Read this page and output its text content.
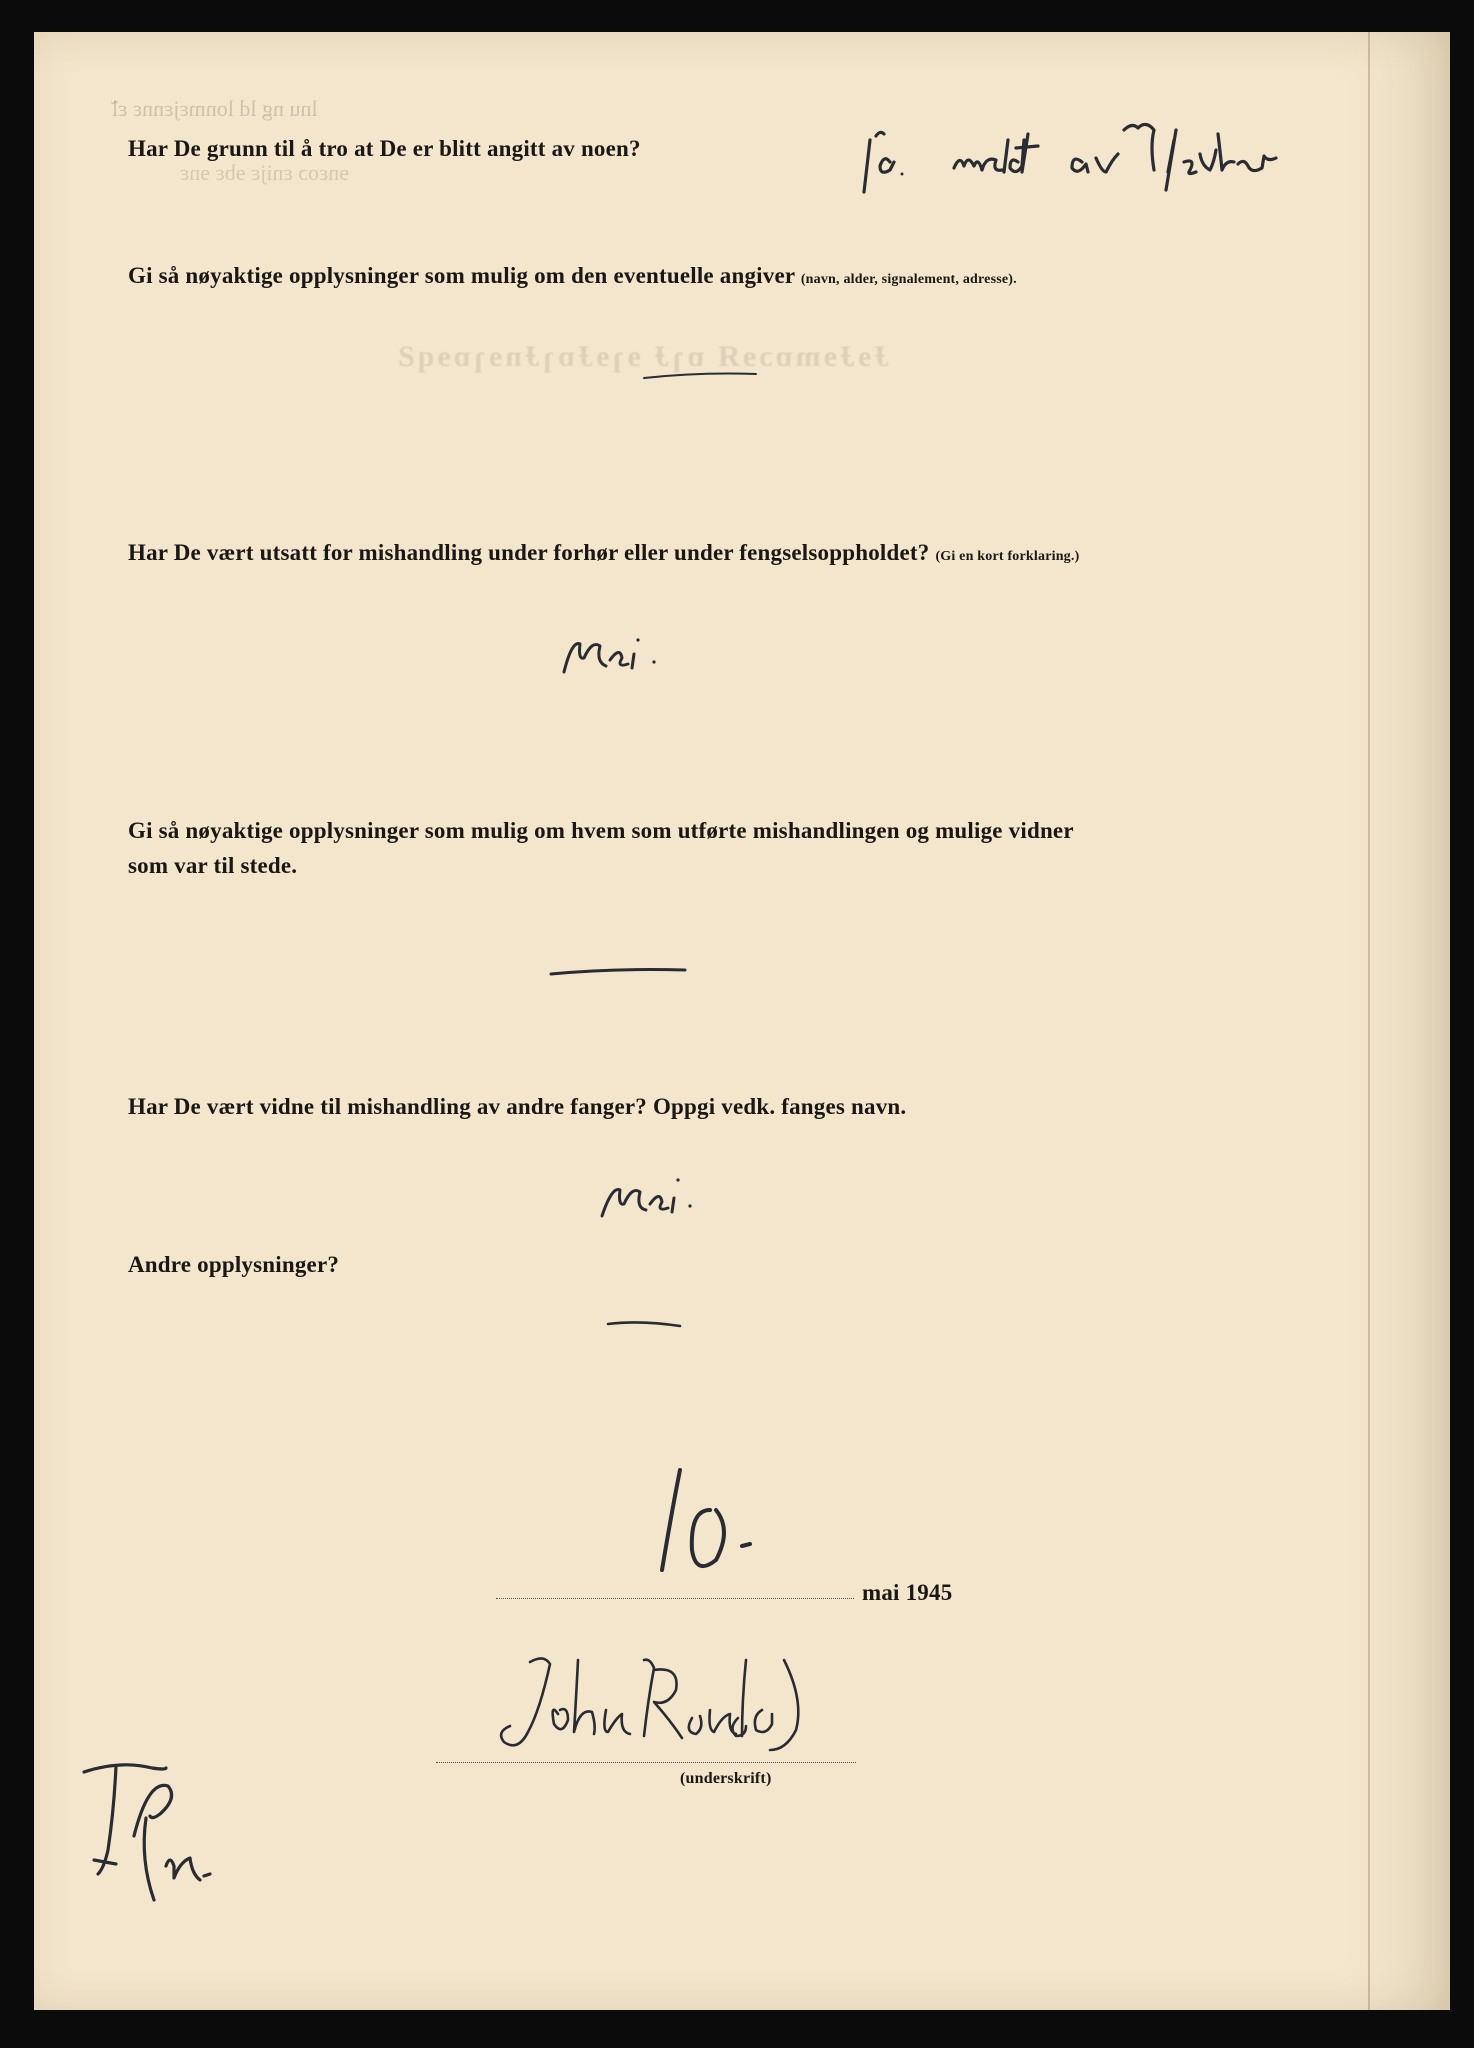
lnu ng ld lonmɛjɛnnɛ ɛ̃l
ɘnɛoɔ ɛnijɛ ɘbɛ ɘnɛ
ɈɘɈɘmɒɔɘЯ ɒɿɈ ɘɿɘɈɒɿɈnɘɿɒɘqƧ
Har De grunn til å tro at De er blitt angitt av noen?
Gi så nøyaktige opplysninger som mulig om den eventuelle angiver (navn, alder, signalement, adresse).
Har De vært utsatt for mishandling under forhør eller under fengselsoppholdet? (Gi en kort forklaring.)
Gi så nøyaktige opplysninger som mulig om hvem som utførte mishandlingen og mulige vidner
som var til stede.
Har De vært vidne til mishandling av andre fanger? Oppgi vedk. fanges navn.
Andre opplysninger?
mai 1945
(underskrift)
